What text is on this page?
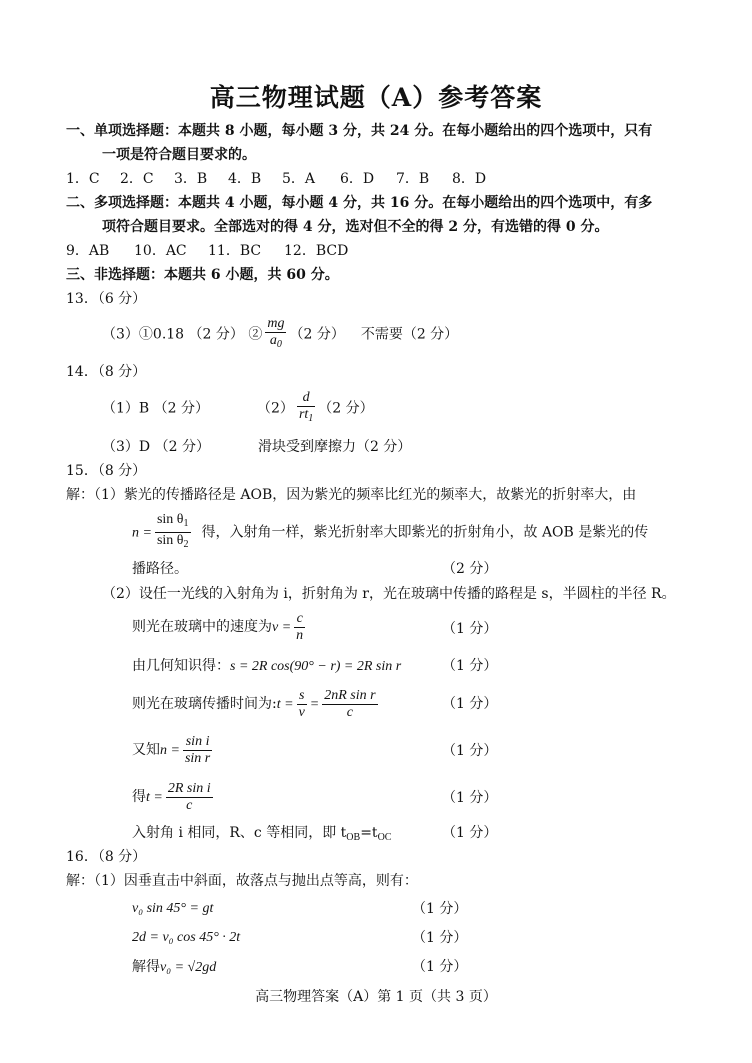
高三物理试题（A）参考答案
一、单项选择题：本题共 8 小题，每小题 3 分，共 24 分。在每小题给出的四个选项中，只有
一项是符合题目要求的。
1．C 2．C 3．B 4．B 5．A 6．D 7．B 8．D
二、多项选择题：本题共 4 小题，每小题 4 分，共 16 分。在每小题给出的四个选项中，有多
项符合题目要求。全部选对的得 4 分，选对但不全的得 2 分，有选错的得 0 分。
9．AB 10．AC 11．BC 12．BCD
三、非选择题：本题共 6 小题，共 60 分。
13．（6 分）
（3）①0.18 （2 分） ② $\frac{mg}{a_0} (2$ 分） 不需要（2 分）
14．（8 分）
（1）B （2 分）	$(2) \frac{d}{rt_1} (2$ 分）
（3）D （2 分）	滑块受到摩擦力（2 分）
15．（8 分）
解：（1）紫光的传播路径是 AOB，因为紫光的频率比红光的频率大，故紫光的折射率大，由
$n = \frac{\sin \theta_1}{\sin \theta_2}$ 得，入射角一样，紫光折射率大即紫光的折射角小，故 AOB 是紫光的传
播路径。	（2 分）
（2）设任一光线的入射角为 i，折射角为 r，光在玻璃中传播的路程是 s，半圆柱的半径 R。
则光在玻璃中的速度为$v = \frac{c}{n}$	（1 分）
由几何知识得：s = 2R cos(90° − r) = 2R sin r	（1 分）
则光在玻璃传播时间为:t = $\frac{s}{v} = \frac{\text{2nR sin r}}{c}$	（1 分）
又知$n = \frac{\text{sin i}}{\text{sin r}}$	（1 分）
得$t = \frac{\text{2R sin i}}{c}$	（1 分）
入射角 i 相同，R、c 等相同，即 $t_{OB}=t_{OC}$	（1 分）
16．（8 分）
解：（1）因垂直击中斜面，故落点与抛出点等高，则有：
v₀ sin 45° = gt	（1 分）
2d = v₀ cos 45° · 2t	（1 分）
解得v₀ = √2gd	（1 分）
高三物理答案（A）第 1 页（共 3 页）
